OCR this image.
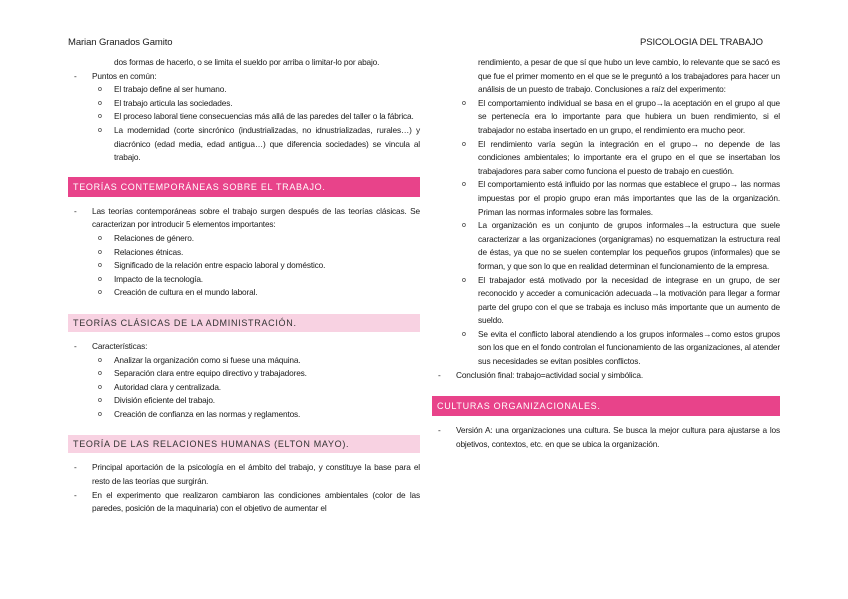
Marian Granados Gamito	PSICOLOGIA DEL TRABAJO

dos formas de hacerlo, o se limita el sueldo por arriba o limitar-lo por abajo.

- Puntos en común:
o El trabajo define al ser humano.
o El trabajo articula las sociedades.
o El proceso laboral tiene consecuencias más allá de las paredes del taller o la fábrica.
o La modernidad (corte sincrónico (industrializadas, no idnustrializadas, rurales…) y diacrónico (edad media, edad antigua…) que diferencia sociedades) se vincula al trabajo.
TEORÍAS CONTEMPORÁNEAS SOBRE EL TRABAJO.
- Las teorías contemporáneas sobre el trabajo surgen después de las teorías clásicas. Se caracterizan por introducir 5 elementos importantes:
o Relaciones de género.
o Relaciones étnicas.
o Significado de la relación entre espacio laboral y doméstico.
o Impacto de la tecnología.
o Creación de cultura en el mundo laboral.
TEORÍAS CLÁSICAS DE LA ADMINISTRACIÓN.
- Características:
o Analizar la organización como si fuese una máquina.
o Separación clara entre equipo directivo y trabajadores.
o Autoridad clara y centralizada.
o División eficiente del trabajo.
o Creación de confianza en las normas y reglamentos.
TEORÍA DE LAS RELACIONES HUMANAS (ELTON MAYO).
- Principal aportación de la psicología en el ámbito del trabajo, y constituye la base para el resto de las teorías que surgirán.
- En el experimento que realizaron cambiaron las condiciones ambientales (color de las paredes, posición de la maquinaria) con el objetivo de aumentar el

rendimiento, a pesar de que sí que hubo un leve cambio, lo relevante que se sacó es que fue el primer momento en el que se le preguntó a los trabajadores para hacer un análisis de un puesto de trabajo. Conclusiones a raíz del experimento:

o El comportamiento individual se basa en el grupo→la aceptación en el grupo al que se pertenecía era lo importante para que hubiera un buen rendimiento, si el trabajador no estaba insertado en un grupo, el rendimiento era mucho peor.
o El rendimiento varía según la integración en el grupo→ no depende de las condiciones ambientales; lo importante era el grupo en el que se insertaban los trabajadores para saber como funciona el puesto de trabajo en cuestión.
o El comportamiento está influido por las normas que establece el grupo→ las normas impuestas por el propio grupo eran más importantes que las de la organización. Priman las normas informales sobre las formales.
o La organización es un conjunto de grupos informales→la estructura que suele caracterizar a las organizaciones (organigramas) no esquematizan la estructura real de éstas, ya que no se suelen contemplar los pequeños grupos (informales) que se forman, y que son lo que en realidad determinan el funcionamiento de la empresa.
o El trabajador está motivado por la necesidad de integrase en un grupo, de ser reconocido y acceder a comunicación adecuada→la motivación para llegar a formar parte del grupo con el que se trabaja es incluso más importante que un aumento de sueldo.
o Se evita el conflicto laboral atendiendo a los grupos informales→como estos grupos son los que en el fondo controlan el funcionamiento de las organizaciones, al atender sus necesidades se evitan posibles conflictos.
- Conclusión final: trabajo=actividad social y simbólica.
CULTURAS ORGANIZACIONALES.
- Versión A: una organizaciones una cultura. Se busca la mejor cultura para ajustarse a los objetivos, contextos, etc. en que se ubica la organización.
